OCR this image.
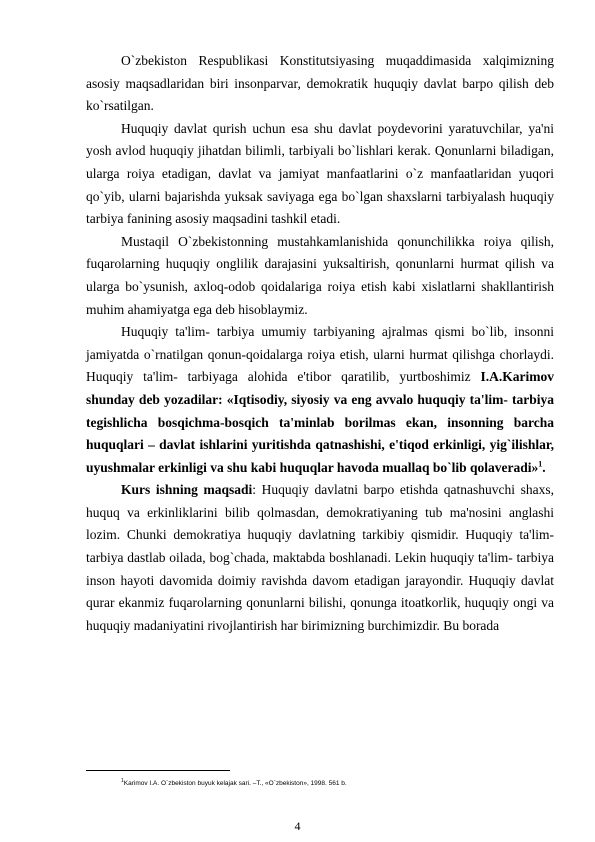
O`zbekiston Respublikasi Konstitutsiyasing muqaddimasida xalqimizning asosiy maqsadlaridan biri insonparvar, demokratik huquqiy davlat barpo qilish deb ko`rsatilgan.

Huquqiy davlat qurish uchun esa shu davlat poydevorini yaratuvchilar, ya'ni yosh avlod huquqiy jihatdan bilimli, tarbiyali bo`lishlari kerak. Qonunlarni biladigan, ularga roiya etadigan, davlat va jamiyat manfaatlarini o`z manfaatlaridan yuqori qo`yib, ularni bajarishda yuksak saviyaga ega bo`lgan shaxslarni tarbiyalash huquqiy tarbiya fanining asosiy maqsadini tashkil etadi.

Mustaqil O`zbekistonning mustahkamlanishida qonunchilikka roiya qilish, fuqarolarning huquqiy onglilik darajasini yuksaltirish, qonunlarni hurmat qilish va ularga bo`ysunish, axloq-odob qoidalariga roiya etish kabi xislatlarni shakllantirish muhim ahamiyatga ega deb hisoblaymiz.

Huquqiy ta'lim- tarbiya umumiy tarbiyaning ajralmas qismi bo`lib, insonni jamiyatda o`rnatilgan qonun-qoidalarga roiya etish, ularni hurmat qilishga chorlaydi. Huquqiy ta'lim- tarbiyaga alohida e'tibor qaratilib, yurtboshimiz I.A.Karimov shunday deb yozadilar: «Iqtisodiy, siyosiy va eng avvalo huquqiy ta'lim- tarbiya tegishlicha bosqichma-bosqich ta'minlab borilmas ekan, insonning barcha huquqlari – davlat ishlarini yuritishda qatnashishi, e'tiqod erkinligi, yig`ilishlar, uyushmalar erkinligi va shu kabi huquqlar havoda muallaq bo`lib qolaveradi»$^1$.

Kurs ishning maqsadi: Huquqiy davlatni barpo etishda qatnashuvchi shaxs, huquq va erkinliklarini bilib qolmasdan, demokratiyaning tub ma'nosini anglashi lozim. Chunki demokratiya huquqiy davlatning tarkibiy qismidir. Huquqiy ta'lim- tarbiya dastlab oilada, bog`chada, maktabda boshlanadi. Lekin huquqiy ta'lim- tarbiya inson hayoti davomida doimiy ravishda davom etadigan jarayondir. Huquqiy davlat qurar ekanmiz fuqarolarning qonunlarni bilishi, qonunga itoatkorlik, huquqiy ongi va huquqiy madaniyatini rivojlantirish har birimizning burchimizdir. Bu borada

$^1$Karimov I.A. O`zbekiston buyuk kelajak sari. –T., «O`zbekiston», 1998. 561 b.
4
